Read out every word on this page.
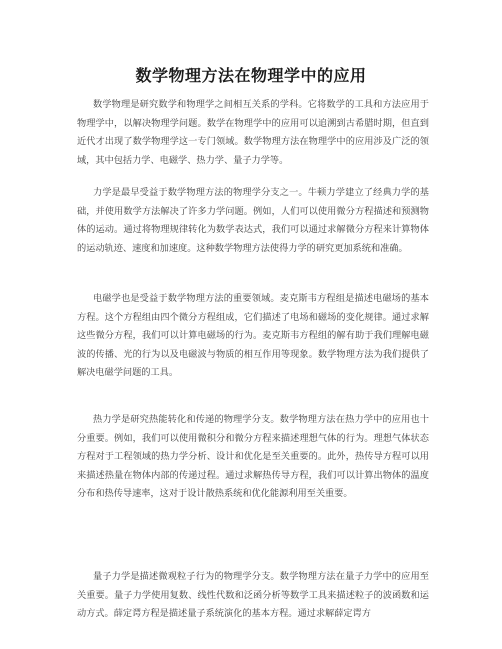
数学物理方法在物理学中的应用

数学物理是研究数学和物理学之间相互关系的学科。它将数学的工具和方法应用于物理学中，以解决物理学问题。数学在物理学中的应用可以追溯到古希腊时期，但直到近代才出现了数学物理学这一专门领域。数学物理方法在物理学中的应用涉及广泛的领域，其中包括力学、电磁学、热力学、量子力学等。

力学是最早受益于数学物理方法的物理学分支之一。牛顿力学建立了经典力学的基础，并使用数学方法解决了许多力学问题。例如，人们可以使用微分方程描述和预测物体的运动。通过将物理规律转化为数学表达式，我们可以通过求解微分方程来计算物体的运动轨迹、速度和加速度。这种数学物理方法使得力学的研究更加系统和准确。

电磁学也是受益于数学物理方法的重要领域。麦克斯韦方程组是描述电磁场的基本方程。这个方程组由四个微分方程组成，它们描述了电场和磁场的变化规律。通过求解这些微分方程，我们可以计算电磁场的行为。麦克斯韦方程组的解有助于我们理解电磁波的传播、光的行为以及电磁波与物质的相互作用等现象。数学物理方法为我们提供了解决电磁学问题的工具。

热力学是研究热能转化和传递的物理学分支。数学物理方法在热力学中的应用也十分重要。例如，我们可以使用微积分和微分方程来描述理想气体的行为。理想气体状态方程对于工程领域的热力学分析、设计和优化是至关重要的。此外，热传导方程可以用来描述热量在物体内部的传递过程。通过求解热传导方程，我们可以计算出物体的温度分布和热传导速率，这对于设计散热系统和优化能源利用至关重要。

量子力学是描述微观粒子行为的物理学分支。数学物理方法在量子力学中的应用至关重要。量子力学使用复数、线性代数和泛函分析等数学工具来描述粒子的波函数和运动方式。薛定谔方程是描述量子系统演化的基本方程。通过求解薛定谔方
